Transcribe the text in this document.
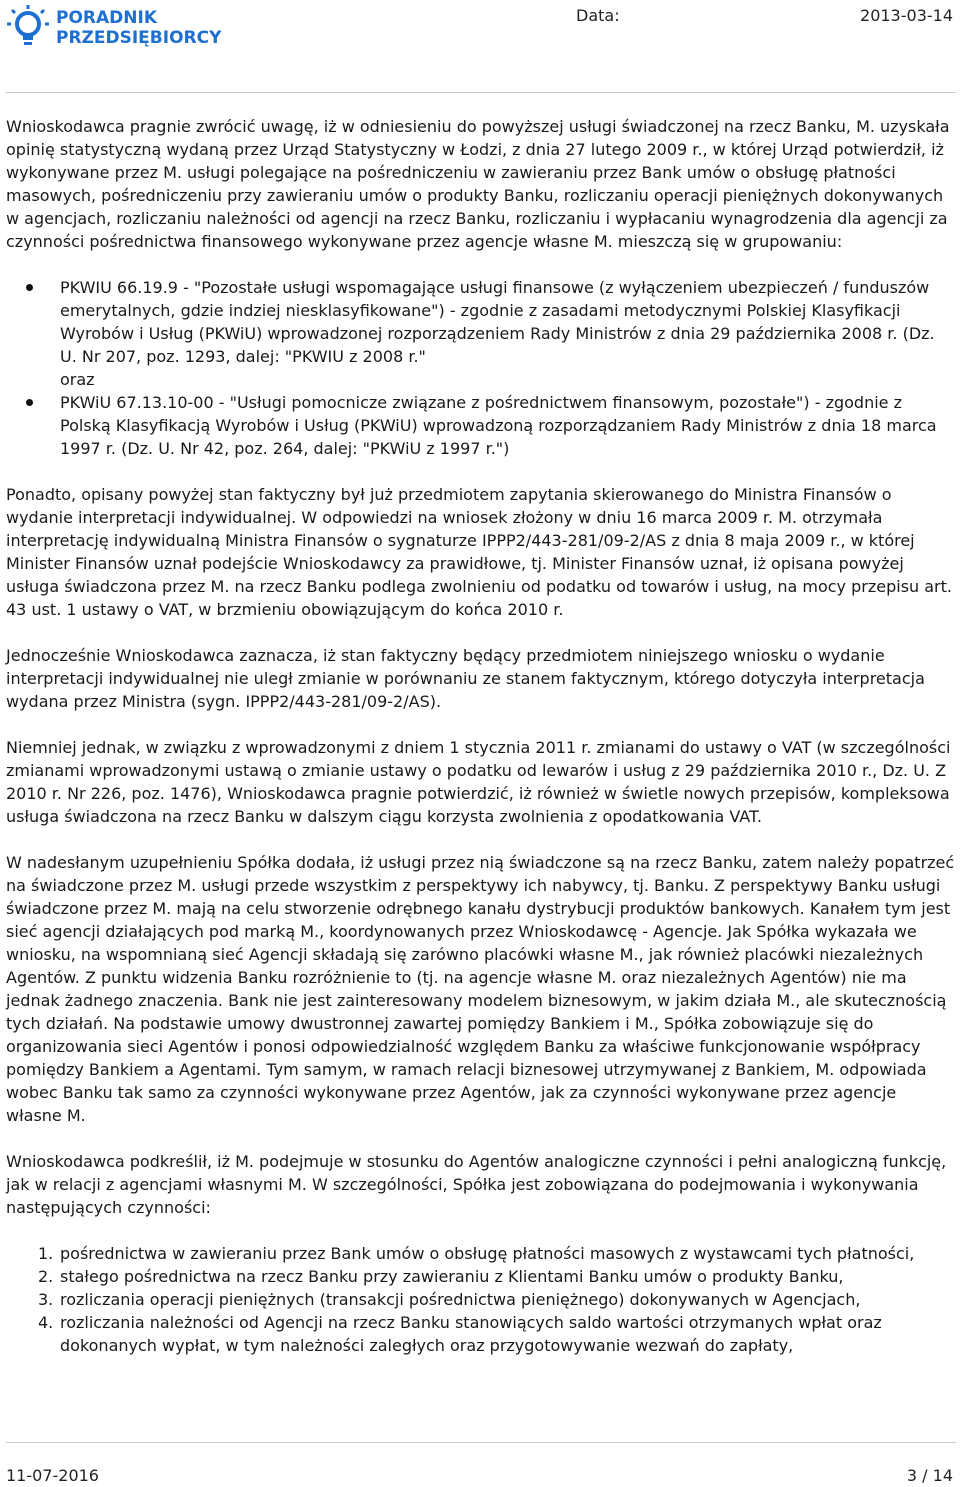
PORADNIK
PRZEDSIĘBIORCY
Data:	2013-03-14

Wnioskodawca pragnie zwrócić uwagę, iż w odniesieniu do powyższej usługi świadczonej na rzecz Banku, M. uzyskała opinię statystyczną wydaną przez Urząd Statystyczny w Łodzi, z dnia 27 lutego 2009 r., w której Urząd potwierdził, iż wykonywane przez M. usługi polegające na pośredniczeniu w zawieraniu przez Bank umów o obsługę płatności masowych, pośredniczeniu przy zawieraniu umów o produkty Banku, rozliczaniu operacji pieniężnych dokonywanych w agencjach, rozliczaniu należności od agencji na rzecz Banku, rozliczaniu i wypłacaniu wynagrodzenia dla agencji za czynności pośrednictwa finansowego wykonywane przez agencje własne M. mieszczą się w grupowaniu:

PKWIU 66.19.9 - "Pozostałe usługi wspomagające usługi finansowe (z wyłączeniem ubezpieczeń / funduszów emerytalnych, gdzie indziej niesklasyfikowane") - zgodnie z zasadami metodycznymi Polskiej Klasyfikacji Wyrobów i Usług (PKWiU) wprowadzonej rozporządzeniem Rady Ministrów z dnia 29 października 2008 r. (Dz. U. Nr 207, poz. 1293, dalej: "PKWIU z 2008 r."
oraz
PKWiU 67.13.10-00 - "Usługi pomocnicze związane z pośrednictwem finansowym, pozostałe") - zgodnie z Polską Klasyfikacją Wyrobów i Usług (PKWiU) wprowadzoną rozporządzaniem Rady Ministrów z dnia 18 marca 1997 r. (Dz. U. Nr 42, poz. 264, dalej: "PKWiU z 1997 r.")

Ponadto, opisany powyżej stan faktyczny był już przedmiotem zapytania skierowanego do Ministra Finansów o wydanie interpretacji indywidualnej. W odpowiedzi na wniosek złożony w dniu 16 marca 2009 r. M. otrzymała interpretację indywidualną Ministra Finansów o sygnaturze IPPP2/443-281/09-2/AS z dnia 8 maja 2009 r., w której Minister Finansów uznał podejście Wnioskodawcy za prawidłowe, tj. Minister Finansów uznał, iż opisana powyżej usługa świadczona przez M. na rzecz Banku podlega zwolnieniu od podatku od towarów i usług, na mocy przepisu art. 43 ust. 1 ustawy o VAT, w brzmieniu obowiązującym do końca 2010 r.

Jednocześnie Wnioskodawca zaznacza, iż stan faktyczny będący przedmiotem niniejszego wniosku o wydanie interpretacji indywidualnej nie uległ zmianie w porównaniu ze stanem faktycznym, którego dotyczyła interpretacja wydana przez Ministra (sygn. IPPP2/443-281/09-2/AS).

Niemniej jednak, w związku z wprowadzonymi z dniem 1 stycznia 2011 r. zmianami do ustawy o VAT (w szczególności zmianami wprowadzonymi ustawą o zmianie ustawy o podatku od lewarów i usług z 29 października 2010 r., Dz. U. Z 2010 r. Nr 226, poz. 1476), Wnioskodawca pragnie potwierdzić, iż również w świetle nowych przepisów, kompleksowa usługa świadczona na rzecz Banku w dalszym ciągu korzysta zwolnienia z opodatkowania VAT.

W nadesłanym uzupełnieniu Spółka dodała, iż usługi przez nią świadczone są na rzecz Banku, zatem należy popatrzeć na świadczone przez M. usługi przede wszystkim z perspektywy ich nabywcy, tj. Banku. Z perspektywy Banku usługi świadczone przez M. mają na celu stworzenie odrębnego kanału dystrybucji produktów bankowych. Kanałem tym jest sieć agencji działających pod marką M., koordynowanych przez Wnioskodawcę - Agencje. Jak Spółka wykazała we wniosku, na wspomnianą sieć Agencji składają się zarówno placówki własne M., jak również placówki niezależnych Agentów. Z punktu widzenia Banku rozróżnienie to (tj. na agencje własne M. oraz niezależnych Agentów) nie ma jednak żadnego znaczenia. Bank nie jest zainteresowany modelem biznesowym, w jakim działa M., ale skutecznością tych działań. Na podstawie umowy dwustronnej zawartej pomiędzy Bankiem i M., Spółka zobowiązuje się do organizowania sieci Agentów i ponosi odpowiedzialność względem Banku za właściwe funkcjonowanie współpracy pomiędzy Bankiem a Agentami. Tym samym, w ramach relacji biznesowej utrzymywanej z Bankiem, M. odpowiada wobec Banku tak samo za czynności wykonywane przez Agentów, jak za czynności wykonywane przez agencje własne M.

Wnioskodawca podkreślił, iż M. podejmuje w stosunku do Agentów analogiczne czynności i pełni analogiczną funkcję, jak w relacji z agencjami własnymi M. W szczególności, Spółka jest zobowiązana do podejmowania i wykonywania następujących czynności:

1. pośrednictwa w zawieraniu przez Bank umów o obsługę płatności masowych z wystawcami tych płatności,
2. stałego pośrednictwa na rzecz Banku przy zawieraniu z Klientami Banku umów o produkty Banku,
3. rozliczania operacji pieniężnych (transakcji pośrednictwa pieniężnego) dokonywanych w Agencjach,
4. rozliczania należności od Agencji na rzecz Banku stanowiących saldo wartości otrzymanych wpłat oraz dokonanych wypłat, w tym należności zaległych oraz przygotowywanie wezwań do zapłaty,
11-07-2016	3 / 14
